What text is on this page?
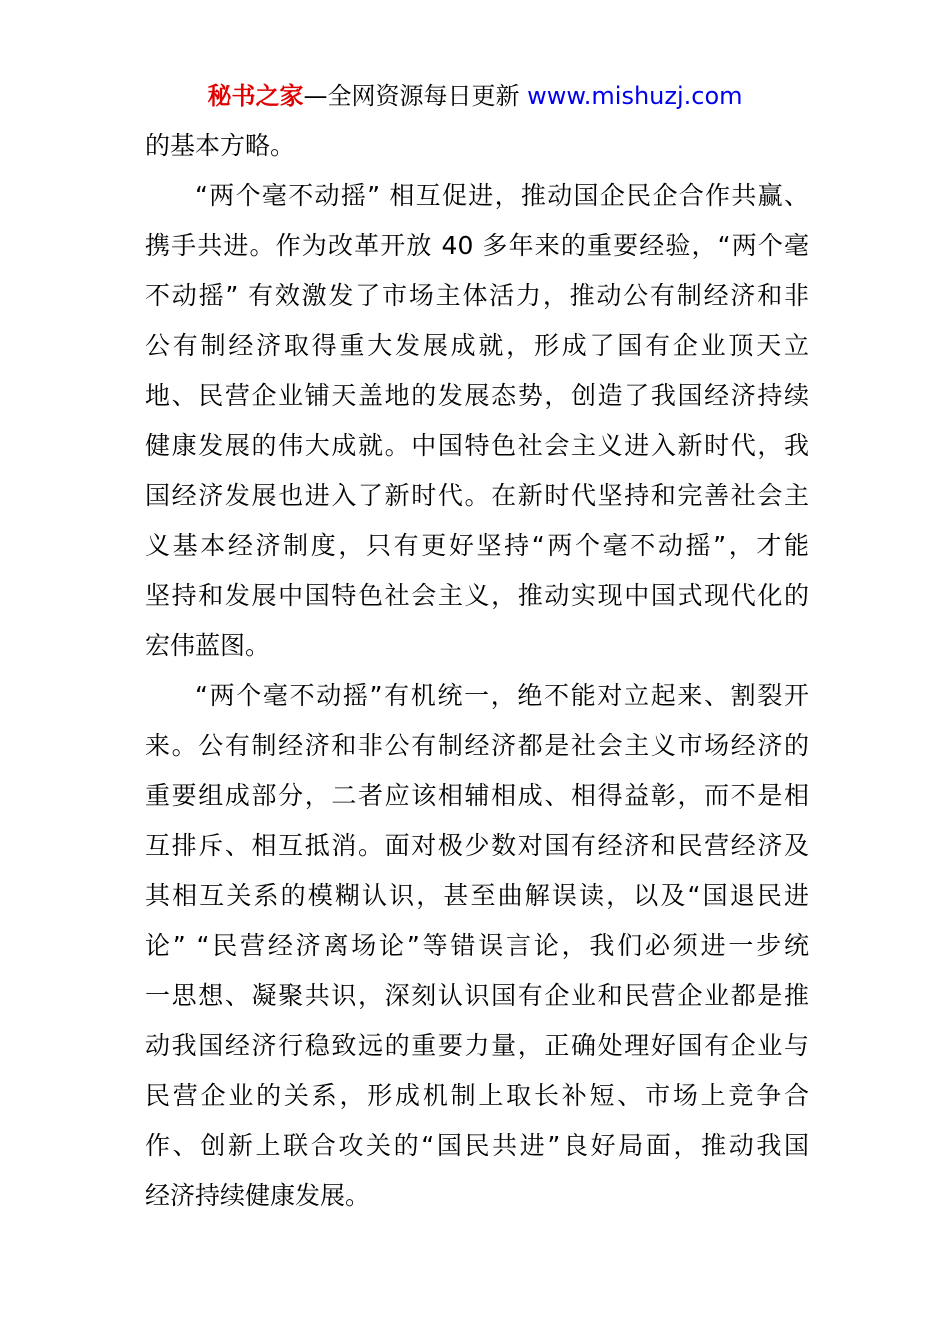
秘书之家—全网资源每日更新 www.mishuzj.com
的基本方略。
“两个毫不动摇” 相互促进，推动国企民企合作共赢、
携手共进。作为改革开放 40 多年来的重要经验，“两个毫
不动摇” 有效激发了市场主体活力，推动公有制经济和非
公有制经济取得重大发展成就，形成了国有企业顶天立
地、民营企业铺天盖地的发展态势，创造了我国经济持续
健康发展的伟大成就。中国特色社会主义进入新时代，我
国经济发展也进入了新时代。在新时代坚持和完善社会主
义基本经济制度，只有更好坚持“两个毫不动摇”，才能
坚持和发展中国特色社会主义，推动实现中国式现代化的
宏伟蓝图。
“两个毫不动摇”有机统一，绝不能对立起来、割裂开
来。公有制经济和非公有制经济都是社会主义市场经济的
重要组成部分，二者应该相辅相成、相得益彰，而不是相
互排斥、相互抵消。面对极少数对国有经济和民营经济及
其相互关系的模糊认识，甚至曲解误读，以及“国退民进
论” “民营经济离场论”等错误言论，我们必须进一步统
一思想、凝聚共识，深刻认识国有企业和民营企业都是推
动我国经济行稳致远的重要力量，正确处理好国有企业与
民营企业的关系，形成机制上取长补短、市场上竞争合
作、创新上联合攻关的“国民共进”良好局面，推动我国
经济持续健康发展。
